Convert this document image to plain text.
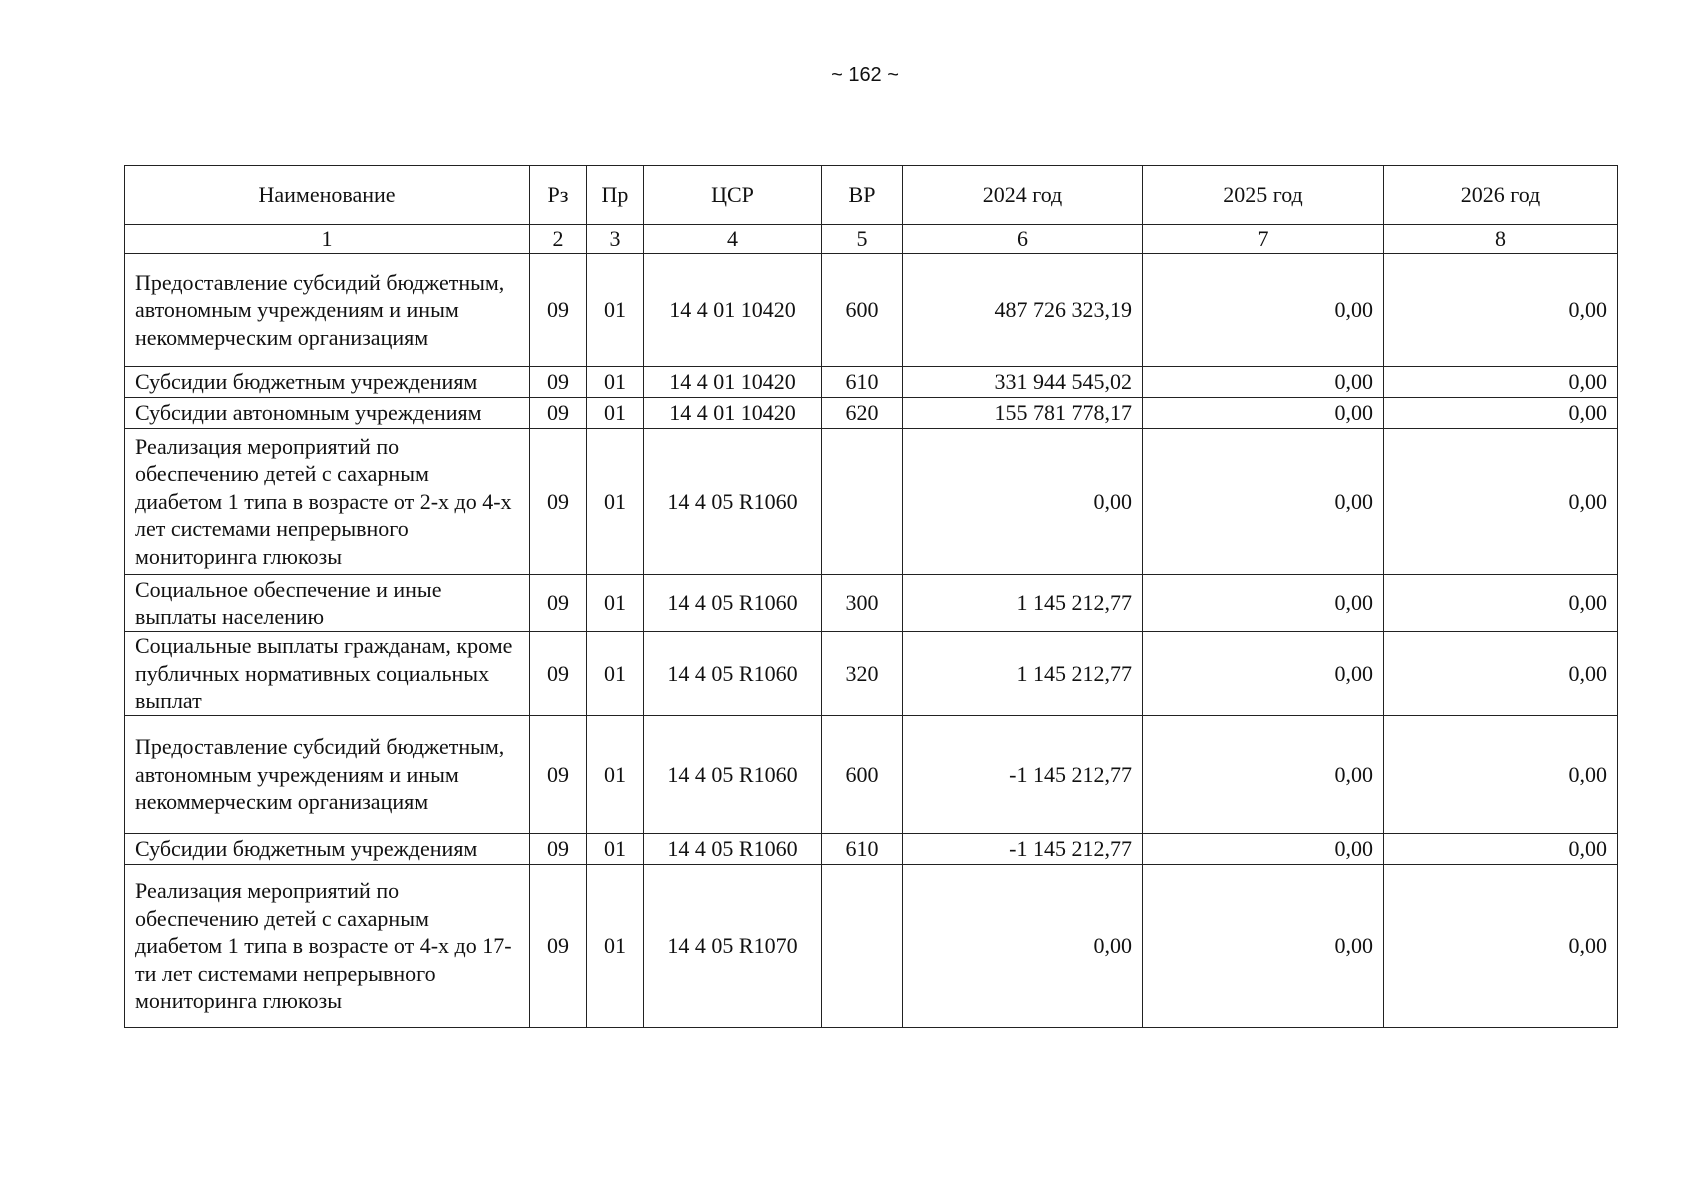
~ 162 ~
Наименование	Рз	Пр	ЦСР	ВР	2024 год	2025 год	2026 год
1	2	3	4	5	6	7	8
Предоставление субсидий бюджетным, автономным учреждениям и иным некоммерческим организациям	09	01	14 4 01 10420	600	487 726 323,19	0,00	0,00
Субсидии бюджетным учреждениям	09	01	14 4 01 10420	610	331 944 545,02	0,00	0,00
Субсидии автономным учреждениям	09	01	14 4 01 10420	620	155 781 778,17	0,00	0,00
Реализация мероприятий по обеспечению детей с сахарным диабетом 1 типа в возрасте от 2-х до 4-х лет системами непрерывного мониторинга глюкозы	09	01	14 4 05 R1060		0,00	0,00	0,00
Социальное обеспечение и иные выплаты населению	09	01	14 4 05 R1060	300	1 145 212,77	0,00	0,00
Социальные выплаты гражданам, кроме публичных нормативных социальных выплат	09	01	14 4 05 R1060	320	1 145 212,77	0,00	0,00
Предоставление субсидий бюджетным, автономным учреждениям и иным некоммерческим организациям	09	01	14 4 05 R1060	600	-1 145 212,77	0,00	0,00
Субсидии бюджетным учреждениям	09	01	14 4 05 R1060	610	-1 145 212,77	0,00	0,00
Реализация мероприятий по обеспечению детей с сахарным диабетом 1 типа в возрасте от 4-х до 17-ти лет системами непрерывного мониторинга глюкозы	09	01	14 4 05 R1070		0,00	0,00	0,00
